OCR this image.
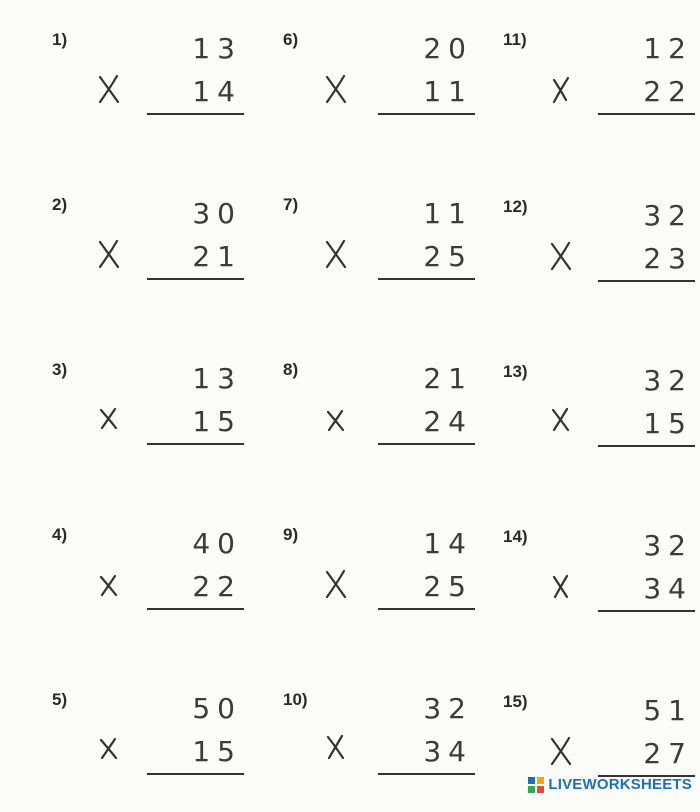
1)	13
14
2)	30
21
3)	13
15
4)	40
22
5)	50
15
6)	20
11
7)	11
25
8)	21
24
9)	14
25
10)	32
34
11)	12
22
12)	32
23
13)	32
15
14)	32
34
15)	51
27
LIVEWORKSHEETS
